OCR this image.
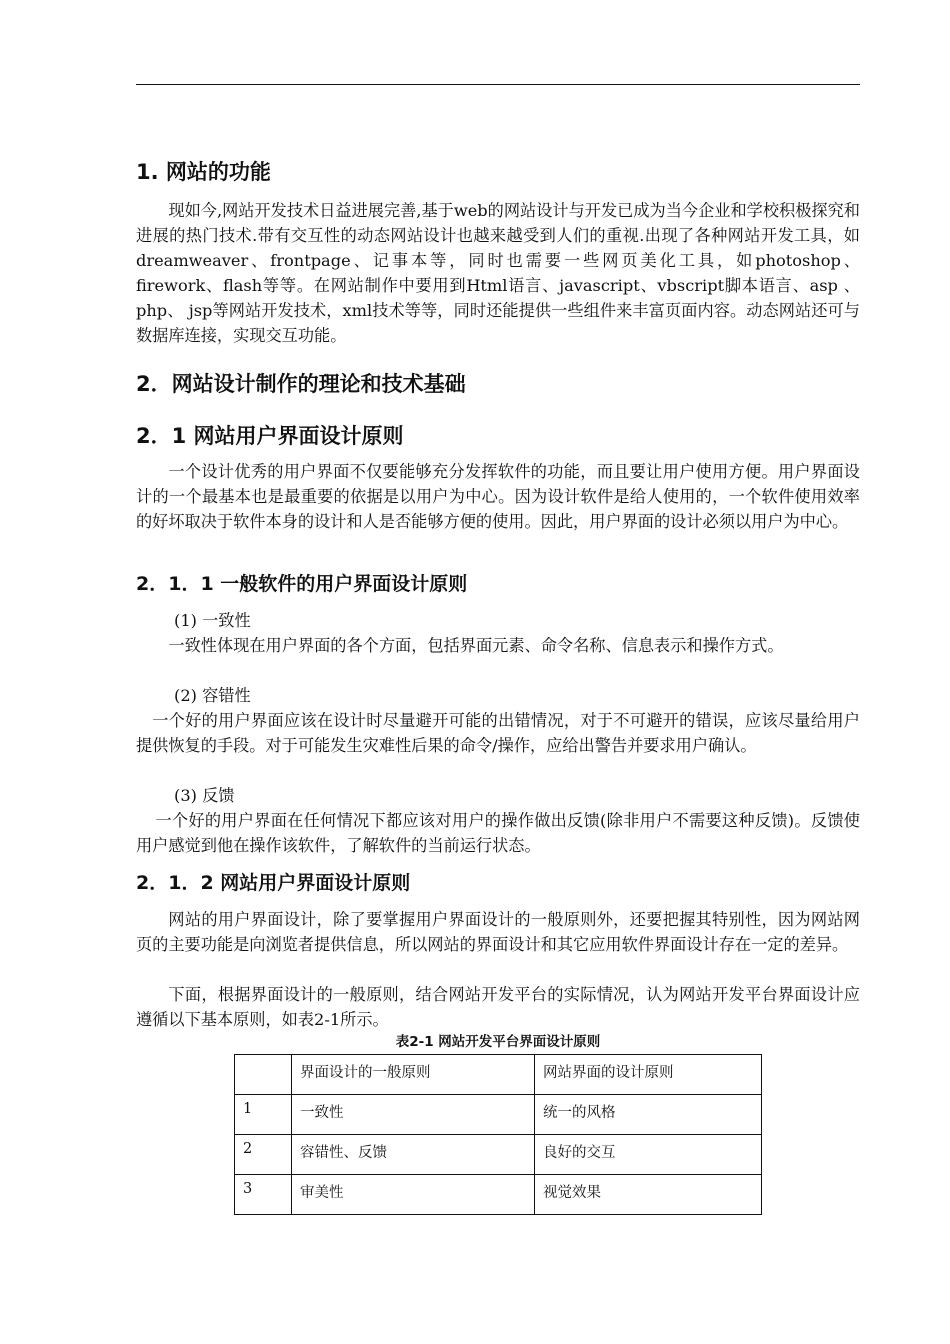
1. 网站的功能

现如今,网站开发技术日益进展完善,基于web的网站设计与开发已成为当今企业和学校积极探究和进展的热门技术.带有交互性的动态网站设计也越来越受到人们的重视.出现了各种网站开发工具，如dreamweaver、frontpage、记事本等，同时也需要一些网页美化工具，如photoshop、firework、flash等等。在网站制作中要用到Html语言、javascript、vbscript脚本语言、asp 、php、 jsp等网站开发技术，xml技术等等，同时还能提供一些组件来丰富页面内容。动态网站还可与数据库连接，实现交互功能。

2．网站设计制作的理论和技术基础
2．1 网站用户界面设计原则

一个设计优秀的用户界面不仅要能够充分发挥软件的功能，而且要让用户使用方便。用户界面设计的一个最基本也是最重要的依据是以用户为中心。因为设计软件是给人使用的，一个软件使用效率的好坏取决于软件本身的设计和人是否能够方便的使用。因此，用户界面的设计必须以用户为中心。

2．1．1 一般软件的用户界面设计原则
(1) 一致性

一致性体现在用户界面的各个方面，包括界面元素、命令名称、信息表示和操作方式。

(2) 容错性

一个好的用户界面应该在设计时尽量避开可能的出错情况，对于不可避开的错误，应该尽量给用户提供恢复的手段。对于可能发生灾难性后果的命令/操作，应给出警告并要求用户确认。

(3) 反馈

一个好的用户界面在任何情况下都应该对用户的操作做出反馈(除非用户不需要这种反馈)。反馈使用户感觉到他在操作该软件，了解软件的当前运行状态。

2．1．2 网站用户界面设计原则

网站的用户界面设计，除了要掌握用户界面设计的一般原则外，还要把握其特别性，因为网站网页的主要功能是向浏览者提供信息，所以网站的界面设计和其它应用软件界面设计存在一定的差异。

下面，根据界面设计的一般原则，结合网站开发平台的实际情况，认为网站开发平台界面设计应遵循以下基本原则，如表2-1所示。

表2-1 网站开发平台界面设计原则
	界面设计的一般原则	网站界面的设计原则
1	一致性	统一的风格
2	容错性、反馈	良好的交互
3	审美性	视觉效果
